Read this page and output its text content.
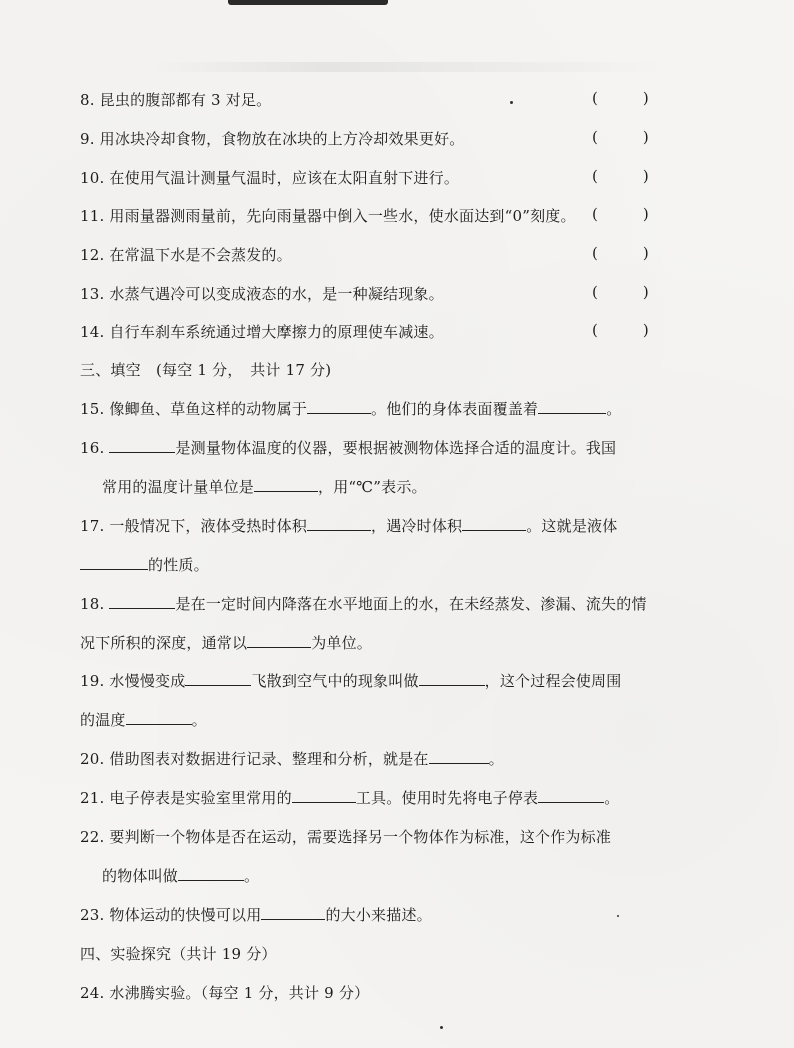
8. 昆虫的腹部都有 3 对足。	(　　　)
9. 用冰块冷却食物，食物放在冰块的上方冷却效果更好。	(　　　)
10. 在使用气温计测量气温时，应该在太阳直射下进行。	(　　　)
11. 用雨量器测雨量前，先向雨量器中倒入一些水，使水面达到“0”刻度。 (　　　)
12. 在常温下水是不会蒸发的。	(　　　)
13. 水蒸气遇冷可以变成液态的水，是一种凝结现象。	(　　　)
14. 自行车刹车系统通过增大摩擦力的原理使车减速。	(　　　)
三、填空　(每空 1 分，　共计 17 分)
15. 像鲫鱼、草鱼这样的动物属于	。他们的身体表面覆盖着	。
16.	是测量物体温度的仪器，要根据被测物体选择合适的温度计。我国
常用的温度计量单位是	，用“℃”表示。
17. 一般情况下，液体受热时体积	，遇冷时体积	。这就是液体
的性质。
18.	是在一定时间内降落在水平地面上的水，在未经蒸发、渗漏、流失的情
况下所积的深度，通常以	为单位。
19. 水慢慢变成	飞散到空气中的现象叫做	，这个过程会使周围
的温度	。
20. 借助图表对数据进行记录、整理和分析，就是在	。
21. 电子停表是实验室里常用的	工具。使用时先将电子停表	。
22. 要判断一个物体是否在运动，需要选择另一个物体作为标准，这个作为标准
的物体叫做	。
23. 物体运动的快慢可以用	的大小来描述。
四、实验探究（共计 19 分）
24. 水沸腾实验。（每空 1 分，共计 9 分）
